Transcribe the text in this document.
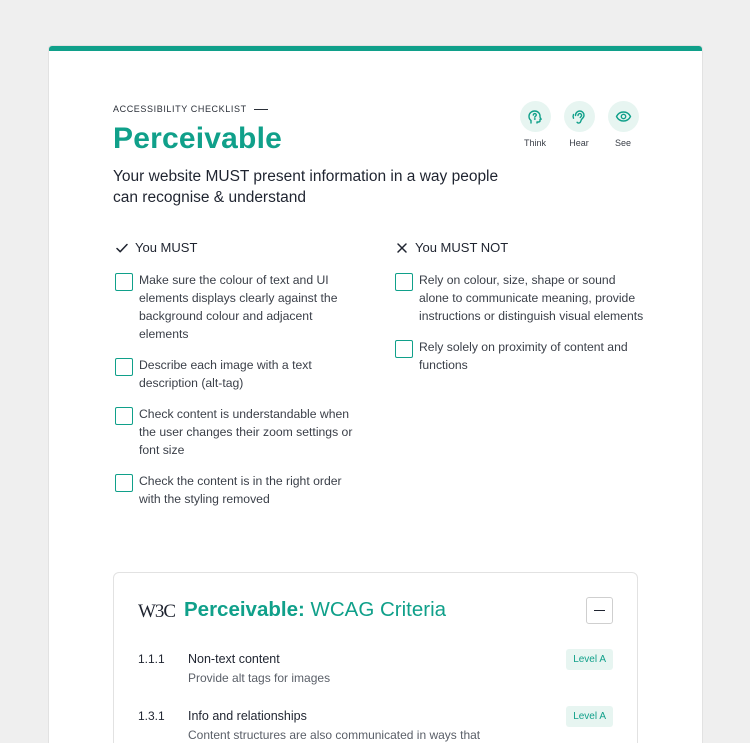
ACCESSIBILITY CHECKLIST
Perceivable
Your website MUST present information in a way people can recognise & understand
Think	Hear	See
You MUST
Make sure the colour of text and UI elements displays clearly against the background colour and adjacent elements
Describe each image with a text description (alt-tag)
Check content is understandable when the user changes their zoom settings or font size
Check the content is in the right order with the styling removed
You MUST NOT
Rely on colour, size, shape or sound alone to communicate meaning, provide instructions or distinguish visual elements
Rely solely on proximity of content and functions
W3C Perceivable: WCAG Criteria
1.1.1 Non-text content
Provide alt tags for images
Level A
1.3.1 Info and relationships
Content structures are also communicated in ways that
Level A
